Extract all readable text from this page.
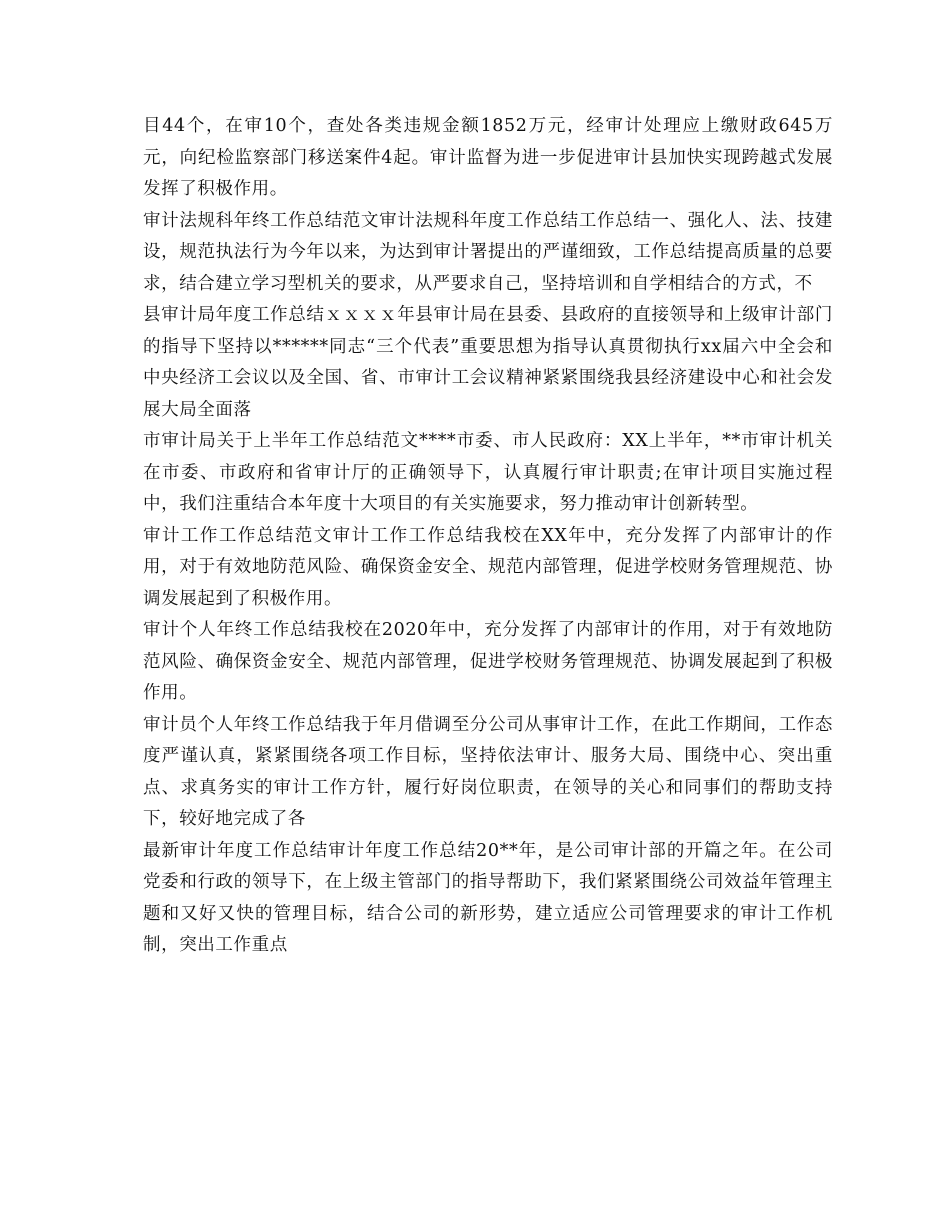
目44个，在审10个，查处各类违规金额1852万元，经审计处理应上缴财政645万元，向纪检监察部门移送案件4起。审计监督为进一步促进审计县加快实现跨越式发展发挥了积极作用。

审计法规科年终工作总结范文审计法规科年度工作总结工作总结一、强化人、法、技建设，规范执法行为今年以来，为达到审计署提出的严谨细致，工作总结提高质量的总要求，结合建立学习型机关的要求，从严要求自己，坚持培训和自学相结合的方式，不

县审计局年度工作总结ｘｘｘｘ年县审计局在县委、县政府的直接领导和上级审计部门的指导下坚持以******同志“三个代表”重要思想为指导认真贯彻执行xx届六中全会和中央经济工会议以及全国、省、市审计工会议精神紧紧围绕我县经济建设中心和社会发展大局全面落

市审计局关于上半年工作总结范文****市委、市人民政府：XX上半年，**市审计机关在市委、市政府和省审计厅的正确领导下，认真履行审计职责;在审计项目实施过程中，我们注重结合本年度十大项目的有关实施要求，努力推动审计创新转型。

审计工作工作总结范文审计工作工作总结我校在XX年中，充分发挥了内部审计的作用，对于有效地防范风险、确保资金安全、规范内部管理，促进学校财务管理规范、协调发展起到了积极作用。

审计个人年终工作总结我校在2020年中，充分发挥了内部审计的作用，对于有效地防范风险、确保资金安全、规范内部管理，促进学校财务管理规范、协调发展起到了积极作用。

审计员个人年终工作总结我于年月借调至分公司从事审计工作，在此工作期间，工作态度严谨认真，紧紧围绕各项工作目标，坚持依法审计、服务大局、围绕中心、突出重点、求真务实的审计工作方针，履行好岗位职责，在领导的关心和同事们的帮助支持下，较好地完成了各

最新审计年度工作总结审计年度工作总结20**年，是公司审计部的开篇之年。在公司党委和行政的领导下，在上级主管部门的指导帮助下，我们紧紧围绕公司效益年管理主题和又好又快的管理目标，结合公司的新形势，建立适应公司管理要求的审计工作机制，突出工作重点
